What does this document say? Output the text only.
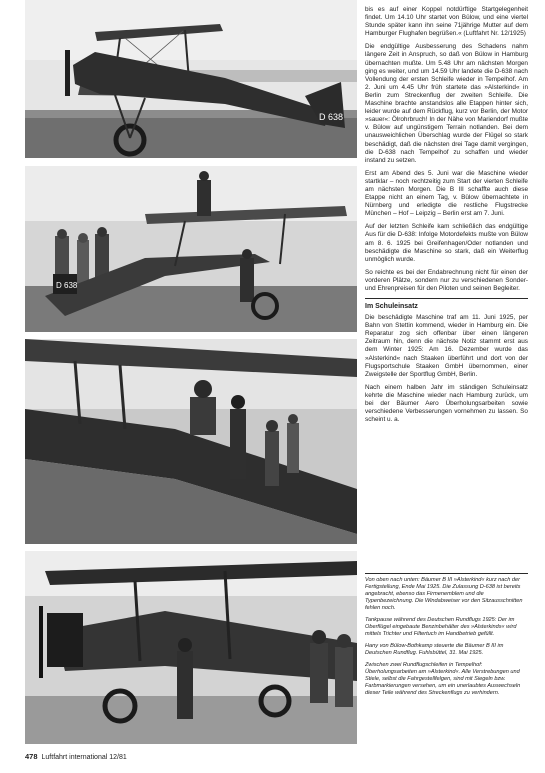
D 638
D 638

bis es auf einer Koppel notdürftige Startgelegenheit findet. Um 14.10 Uhr startet von Bülow, und eine viertel Stunde später kann ihn seine 71jährige Mutter auf dem Hamburger Flughafen begrüßen.« (Luftfahrt Nr. 12/1925)

Die endgültige Ausbesserung des Schadens nahm längere Zeit in Anspruch, so daß von Bülow in Hamburg übernachten mußte. Um 5.48 Uhr am nächsten Morgen ging es weiter, und um 14.59 Uhr landete die D-638 nach Vollendung der ersten Schleife wieder in Tempelhof. Am 2. Juni um 4.45 Uhr früh startete das »Alsterkind« in Berlin zum Streckenflug der zweiten Schleife. Die Maschine brachte anstandslos alle Etappen hinter sich, leider wurde auf dem Rückflug, kurz vor Berlin, der Motor »sauer«: Ölrohrbruch! In der Nähe von Mariendorf mußte v. Bülow auf ungünstigem Terrain notlanden. Bei dem unausweichlichen Überschlag wurde der Flügel so stark beschädigt, daß die nächsten drei Tage damit vergingen, die D-638 nach Tempelhof zu schaffen und wieder instand zu setzen.

Erst am Abend des 5. Juni war die Maschine wieder startklar – noch rechtzeitig zum Start der vierten Schleife am nächsten Morgen. Die B III schaffte auch diese Etappe nicht an einem Tag, v. Bülow übernachtete in Nürnberg und erledigte die restliche Flugstrecke München – Hof – Leipzig – Berlin erst am 7. Juni.

Auf der letzten Schleife kam schließlich das endgültige Aus für die D-638: Infolge Motordefekts mußte von Bülow am 8. 6. 1925 bei Greifenhagen/Oder notlanden und beschädigte die Maschine so stark, daß ein Weiterflug unmöglich wurde.

So reichte es bei der Endabrechnung nicht für einen der vorderen Plätze, sondern nur zu verschiedenen Sonder- und Ehrenpreisen für den Piloten und seinen Begleiter.

Im Schuleinsatz

Die beschädigte Maschine traf am 11. Juni 1925, per Bahn von Stettin kommend, wieder in Hamburg ein. Die Reparatur zog sich offenbar über einen längeren Zeitraum hin, denn die nächste Notiz stammt erst aus dem Winter 1925: Am 16. Dezember wurde das »Alsterkind« nach Staaken überführt und dort von der Flugsportschule Staaken GmbH übernommen, einer Zweigstelle der Sportflug GmbH, Berlin.

Nach einem halben Jahr im ständigen Schuleinsatz kehrte die Maschine wieder nach Hamburg zurück, um bei der Bäumer Aero Überholungsarbeiten sowie verschiedene Verbesserungen vornehmen zu lassen. So scheint u. a.

Von oben nach unten: Bäumer B III »Alsterkind« kurz nach der Fertigstellung, Ende Mai 1925. Die Zulassung D-638 ist bereits angebracht, ebenso das Firmenemblem und die Typenbezeichnung. Die Windabweiser vor den Sitzausschnitten fehlen noch.

Tankpause während des Deutschen Rundflugs 1925: Der im Oberflügel eingebaute Benzinbehälter des »Alsterkinds« wird mittels Trichter und Filtertuch im Handbetrieb gefüllt.

Hany von Bülow-Bothkamp steuerte die Bäumer B III im Deutschen Rundflug. Fuhlsbüttel, 31. Mai 1925.

Zwischen zwei Rundflugschleifen in Tempelhof: Überholungsarbeiten am »Alsterkind«. Alle Verstrebungen und Stiele, selbst die Fahrgestellfelgen, sind mit Siegeln bzw. Farbmarkierungen versehen, um ein unerlaubtes Auswechseln dieser Teile während des Streckenflugs zu verhindern.

478 Luftfahrt international 12/81
